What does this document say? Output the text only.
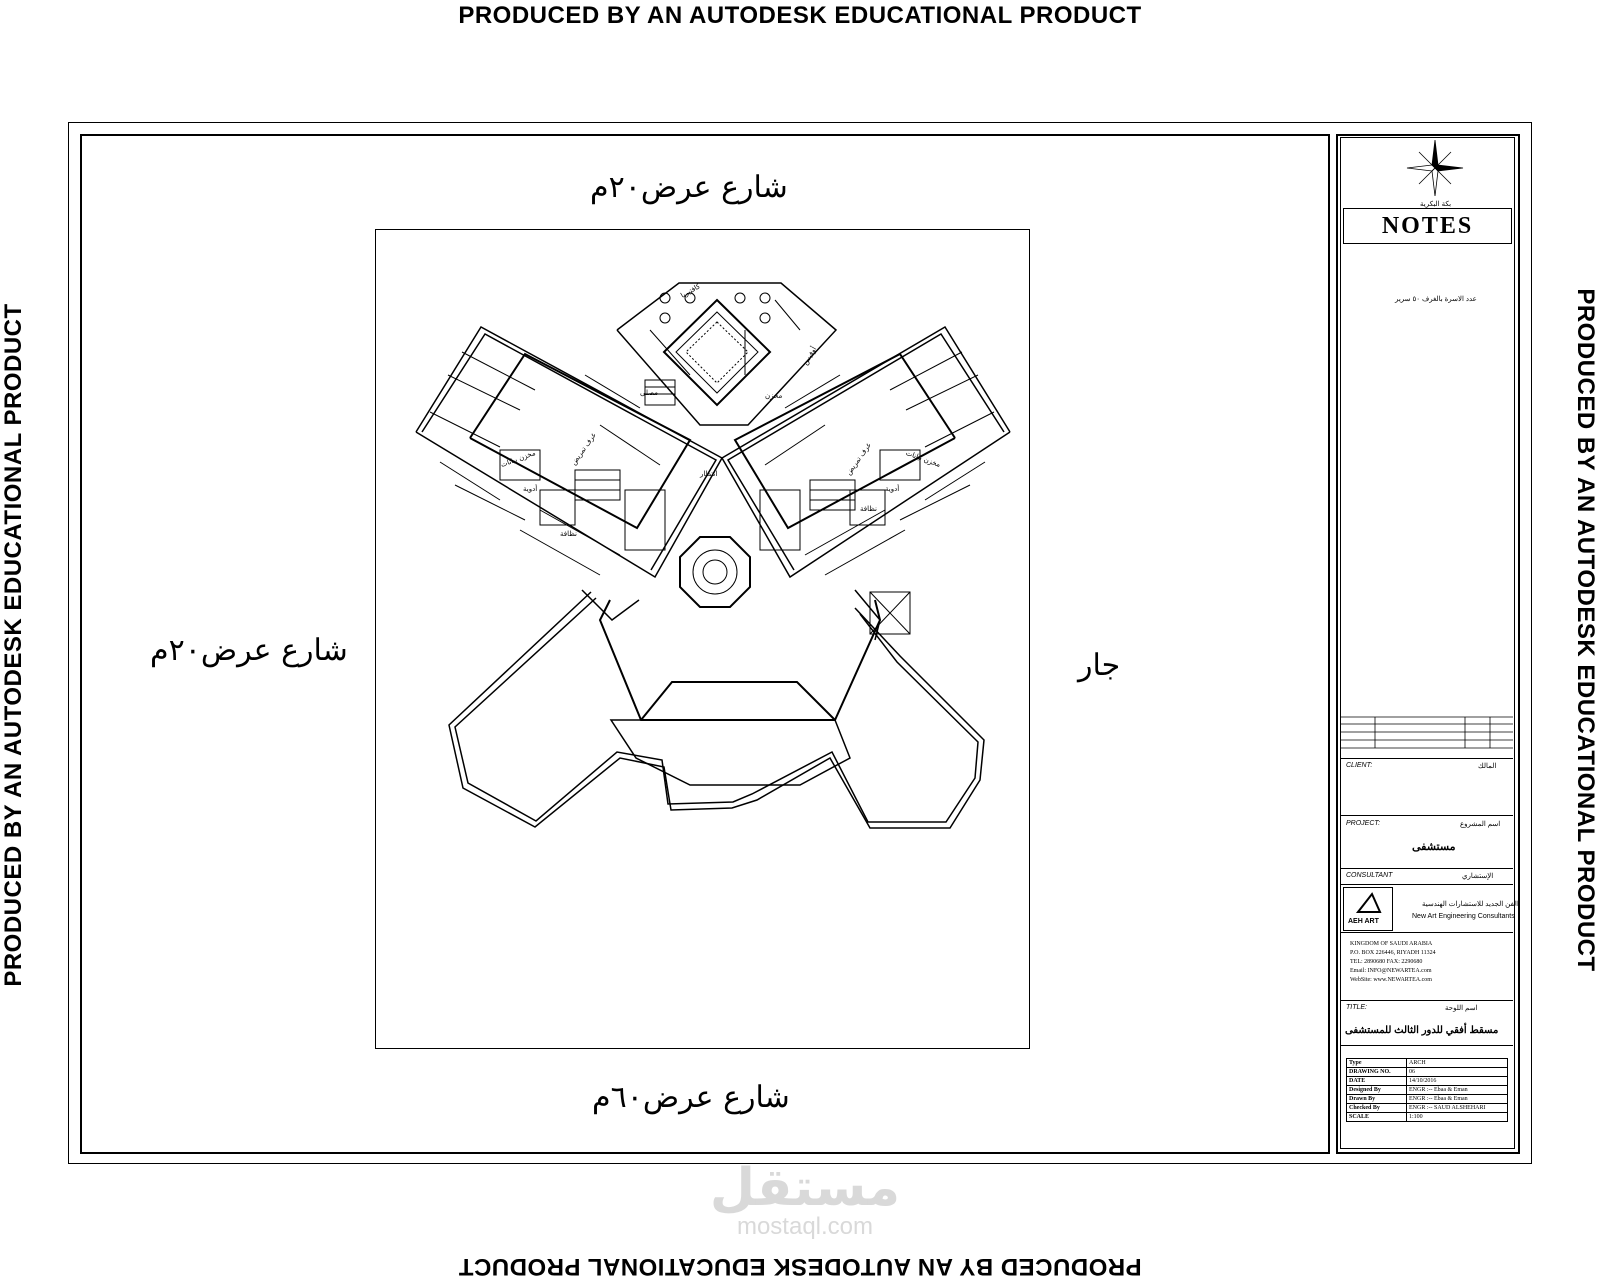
PRODUCED BY AN AUTODESK EDUCATIONAL PRODUCT
PRODUCED BY AN AUTODESK EDUCATIONAL PRODUCT
PRODUCED BY AN AUTODESK EDUCATIONAL PRODUCT	PRODUCED BY AN AUTODESK EDUCATIONAL PRODUCT
شارع عرض٢٠م
شارع عرض٢٠م	جار
شارع عرض٦٠م
كافتيريا
مصلى	مخزن
أوفيس
انتظار
مخزن بيانات	مخزن بيانات
غرف تمريض	غرف تمريض
أدوية	أدوية
نظافة
نظافة
بكة البكرية
NOTES
عدد الاسرة بالغرف ٥٠ سرير
CLIENT:	المالك
PROJECT:	اسم المشروع
مستشفى
CONSULTANT	الإستشاري
AEH ART
الفن الجديد للاستشارات الهندسية
New Art Engineering Consultants
KINGDOM OF SAUDI ARABIA
P.O. BOX 226446, RIYADH 11324
TEL: 2890680 FAX: 2290680
Email: INFO@NEWARTEA.com
WebSite: www.NEWARTEA.com
TITLE:	اسم اللوحة
مسقط أفقي للدور الثالث للمستشفى
Type	ARCH
DRAWING NO.	06
DATE	14/10/2016
Designed By	ENGR :-- Ebaa & Eman
Drawn By	ENGR :-- Ebaa & Eman
Checked By	ENGR :-- SAUD ALSHEHARI
SCALE	1:100
مستقل
mostaql.com
